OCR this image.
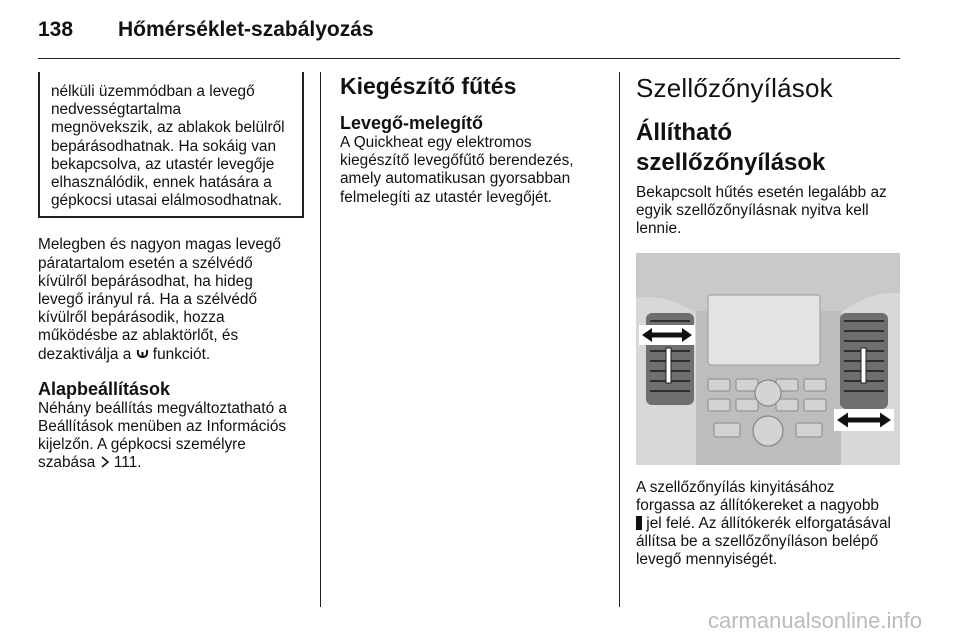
138 Hőmérséklet-szabályozás

nélküli üzemmódban a levegő
nedvességtartalma
megnövekszik, az ablakok belülről
bepárásodhatnak. Ha sokáig van
bekapcsolva, az utastér levegője
elhasználódik, ennek hatására a
gépkocsi utasai elálmosodhatnak.

Melegben és nagyon magas levegő
páratartalom esetén a szélvédő
kívülről bepárásodhat, ha hideg
levegő irányul rá. Ha a szélvédő
kívülről bepárásodik, hozza
működésbe az ablaktörlőt, és
dezaktiválja a  funkciót.

Alapbeállítások

Néhány beállítás megváltoztatható a
Beállítások menüben az Információs
kijelzőn. A gépkocsi személyre
szabása  111.

Kiegészítő fűtés
Levegő-melegítő

A Quickheat egy elektromos
kiegészítő levegőfűtő berendezés,
amely automatikusan gyorsabban
felmelegíti az utastér levegőjét.

Szellőzőnyílások
Állítható szellőzőnyílások

Bekapcsolt hűtés esetén legalább az
egyik szellőzőnyílásnak nyitva kell
lennie.

A szellőzőnyílás kinyitásához
forgassa az állítókereket a nagyobb
jel felé. Az állítókerék elforgatásával
állítsa be a szellőzőnyíláson belépő
levegő mennyiségét.

carmanualsonline.info
